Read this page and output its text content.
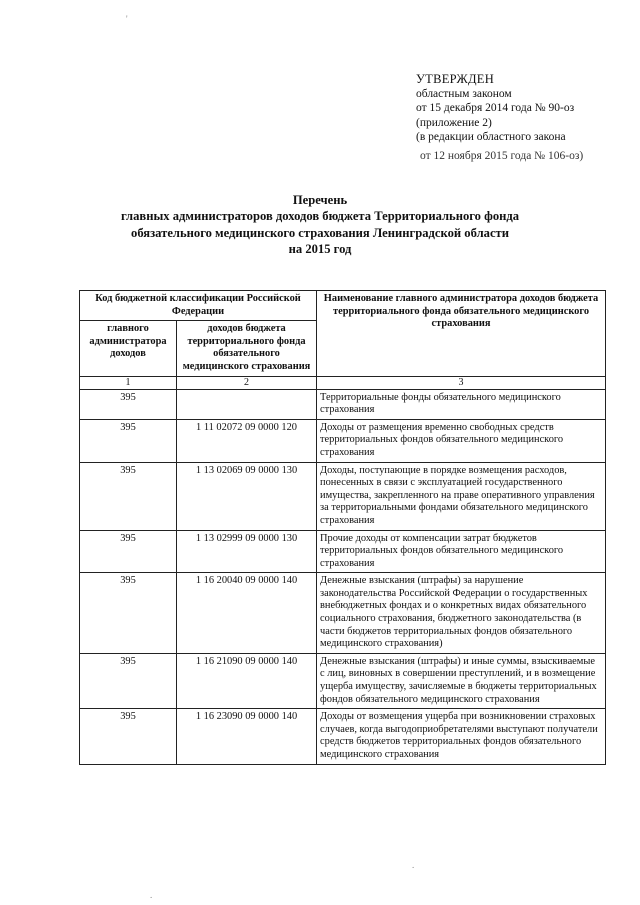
'
УТВЕРЖДЕН
областным законом
от 15 декабря 2014 года № 90-оз
(приложение 2)
(в редакции областного закона
от 12 ноября 2015 года № 106-оз)
Перечень
главных администраторов доходов бюджета Территориального фонда
обязательного медицинского страхования Ленинградской области
на 2015 год
Код бюджетной классификации Российской Федерации		Наименование главного администратора доходов бюджета территориального фонда обязательного медицинского страхования
главного администратора доходов	доходов бюджета территориального фонда обязательного медицинского страхования	
1	2	3
395		Территориальные фонды обязательного медицинского страхования
395	1 11 02072 09 0000 120	Доходы от размещения временно свободных средств территориальных фондов обязательного медицинского страхования
395	1 13 02069 09 0000 130	Доходы, поступающие в порядке возмещения расходов, понесенных в связи с эксплуатацией государственного имущества, закрепленного на праве оперативного управления за территориальными фондами обязательного медицинского страхования
395	1 13 02999 09 0000 130	Прочие доходы от компенсации затрат бюджетов территориальных фондов обязательного медицинского страхования
395	1 16 20040 09 0000 140	Денежные взыскания (штрафы) за нарушение законодательства Российской Федерации о государственных внебюджетных фондах и о конкретных видах обязательного социального страхования, бюджетного законодательства (в части бюджетов территориальных фондов обязательного медицинского страхования)
395	1 16 21090 09 0000 140	Денежные взыскания (штрафы) и иные суммы, взыскиваемые с лиц, виновных в совершении преступлений, и в возмещение ущерба имуществу, зачисляемые в бюджеты территориальных фондов обязательного медицинского страхования
395	1 16 23090 09 0000 140	Доходы от возмещения ущерба при возникновении страховых случаев, когда выгодоприобретателями выступают получатели средств бюджетов территориальных фондов обязательного медицинского страхования
.
.
